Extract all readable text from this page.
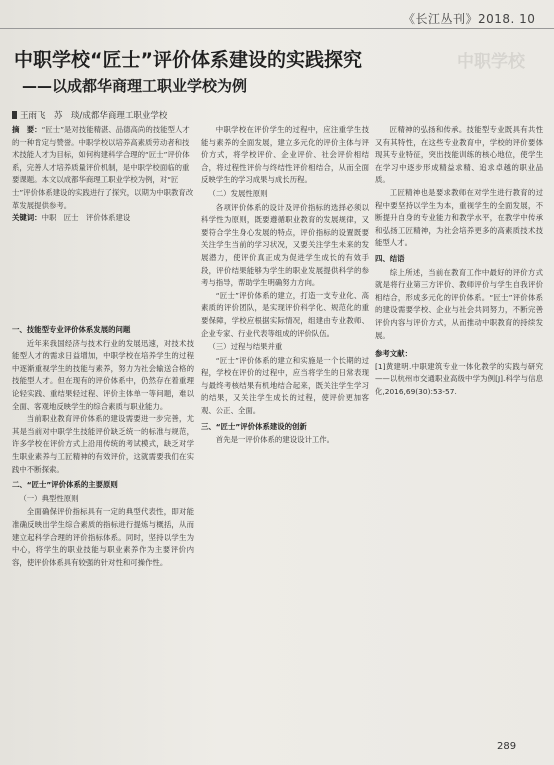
《长江丛刊》2018. 10
中职学校
中职学校“匠士”评价体系建设的实践探究
——以成都华商理工职业学校为例
王雨飞　苏　琰/成都华商理工职业学校
摘　要：“匠士”是对技能精湛、品德高尚的技能型人才的一种肯定与赞誉。中职学校以培养高素质劳动者和技术技能人才为目标，如何构建科学合理的“匠士”评价体系，完善人才培养质量评价机制，是中职学校面临的重要课题。本文以成都华商理工职业学校为例，对“匠士”评价体系建设的实践进行了探究，以期为中职教育改革发展提供参考。
关键词：中职　匠士　评价体系建设

一、技能型专业评价体系发展的问题

近年来我国经济与技术行业的发展迅速，对技术技能型人才的需求日益增加，中职学校在培养学生的过程中逐渐重视学生的技能与素养，努力为社会输送合格的技能型人才。但在现有的评价体系中，仍然存在着重理论轻实践、重结果轻过程、评价主体单一等问题，难以全面、客观地反映学生的综合素质与职业能力。

当前职业教育评价体系的建设需要进一步完善，尤其是当前对中职学生技能评价缺乏统一的标准与规范，许多学校在评价方式上沿用传统的考试模式，缺乏对学生职业素养与工匠精神的有效评价，这就需要我们在实践中不断探索。

二、“匠士”评价体系的主要原则

（一）典型性原则

全面确保评价指标具有一定的典型代表性，即对能准确反映出学生综合素质的指标进行提炼与概括，从而建立起科学合理的评价指标体系。同时，坚持以学生为中心，将学生的职业技能与职业素养作为主要评价内容，使评价体系具有较强的针对性和可操作性。

中职学校在评价学生的过程中，应注重学生技能与素养的全面发展，建立多元化的评价主体与评价方式，将学校评价、企业评价、社会评价相结合，将过程性评价与终结性评价相结合，从而全面反映学生的学习成果与成长历程。

（二）发展性原则

各项评价体系的设计及评价指标的选择必须以科学性为原则，既要遵循职业教育的发展规律，又要符合学生身心发展的特点，评价指标的设置既要关注学生当前的学习状况，又要关注学生未来的发展潜力，使评价真正成为促进学生成长的有效手段，评价结果能够为学生的职业发展提供科学的参考与指导，帮助学生明确努力方向。

“匠士”评价体系的建立，打造一支专业化、高素质的评价团队，是实现评价科学化、规范化的重要保障，学校应根据实际情况，组建由专业教师、企业专家、行业代表等组成的评价队伍。

（三）过程与结果并重

“匠士”评价体系的建立和实施是一个长期的过程，学校在评价的过程中，应当将学生的日常表现与最终考核结果有机地结合起来，既关注学生学习的结果，又关注学生成长的过程，使评价更加客观、公正、全面。

三、“匠士”评价体系建设的创新

首先是一评价体系的建设设计工作。

匠精神的弘扬和传承。技能型专业既具有共性又有其特性，在这些专业教育中，学校的评价要体现其专业特征，突出技能训练的核心地位，使学生在学习中逐步形成精益求精、追求卓越的职业品质。

工匠精神也是要求教师在对学生进行教育的过程中要坚持以学生为本，重视学生的全面发展，不断提升自身的专业能力和教学水平，在教学中传承和弘扬工匠精神，为社会培养更多的高素质技术技能型人才。

四、结语

综上所述，当前在教育工作中最好的评价方式就是将行业第三方评价、教师评价与学生自我评价相结合，形成多元化的评价体系。“匠士”评价体系的建设需要学校、企业与社会共同努力，不断完善评价内容与评价方式，从而推动中职教育的持续发展。

参考文献：

[1]黄建明.中职建筑专业一体化教学的实践与研究——以杭州市交通职业高级中学为例[J].科学与信息化,2016,69(30):53-57.

289
